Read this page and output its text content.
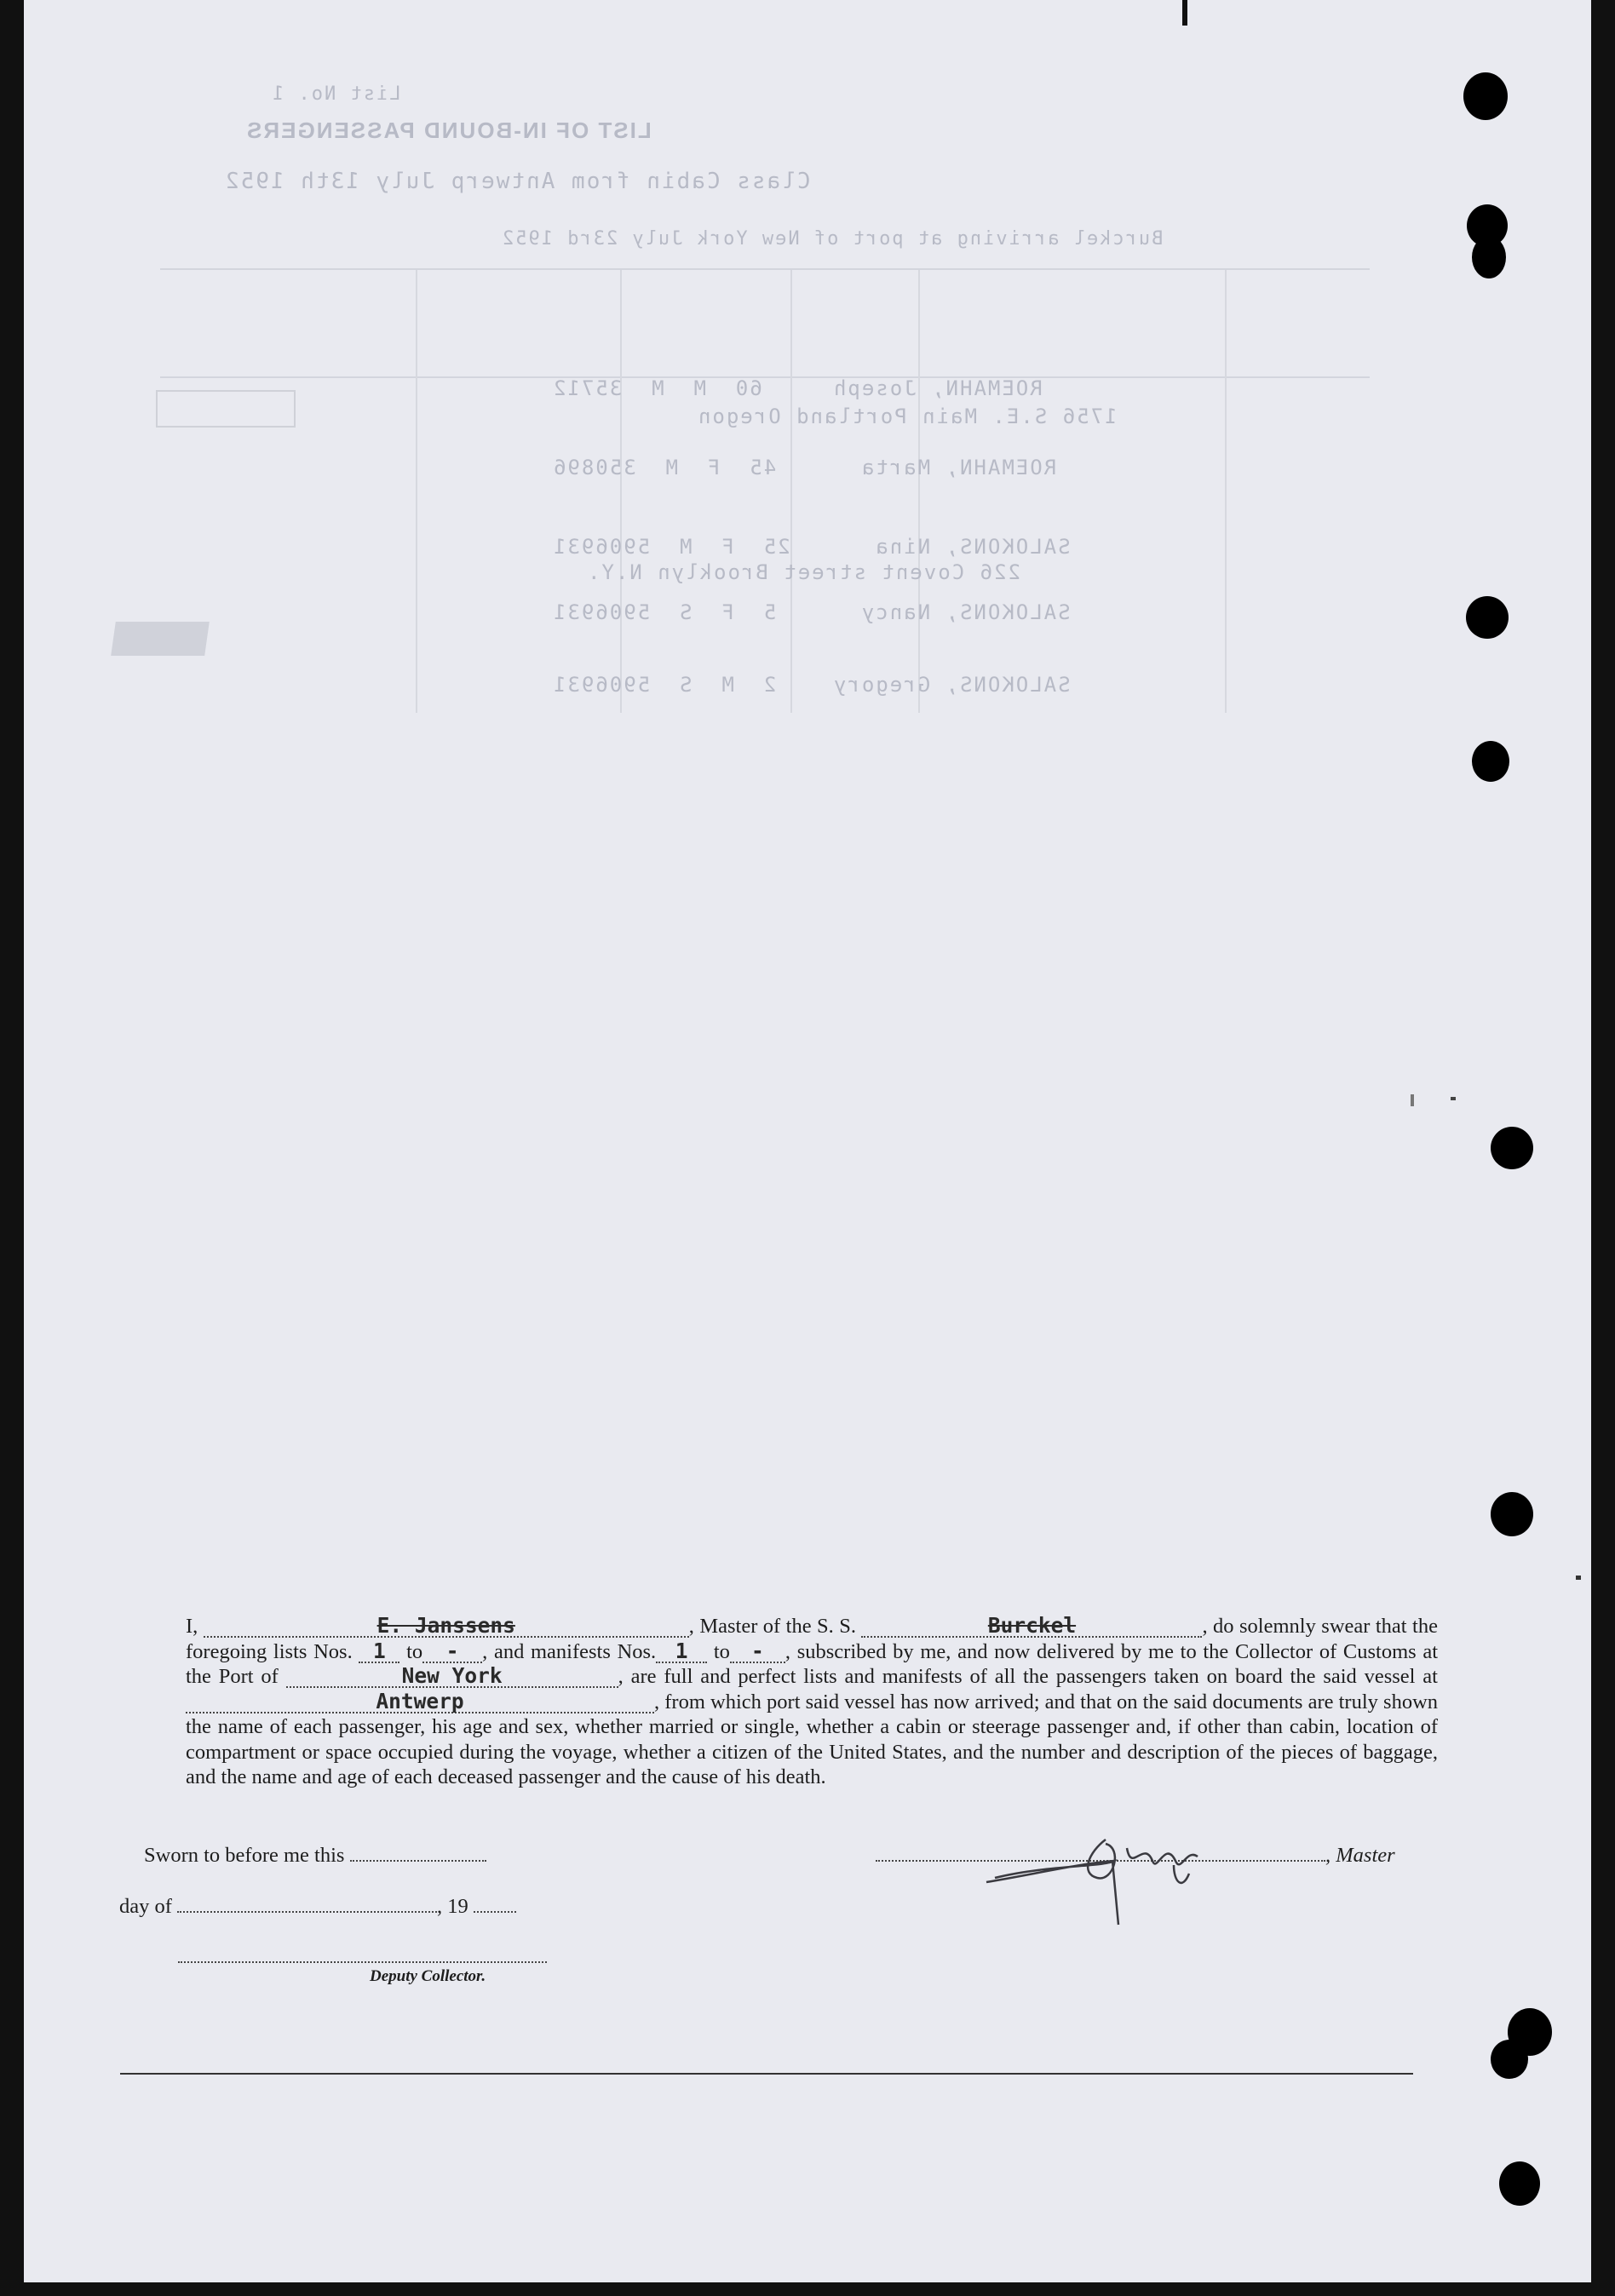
List No. 1
LIST OF IN-BOUND PASSENGERS
Class Cabin from Antwerp July 13th 1952
Burckel arriving at port of New York July 23rd 1952
ROEMAHN, Joseph     60  M  M  35712
1756 S.E. Main Portland Oregon
ROEMAHN, Marta      45  F  M  350896
SALOKONS, Nina      25  F  M  5906931
226 Covent street Brooklyn N.Y.
SALOKONS, Nancy      5  F  S  5906931
SALOKONS, Gregory    2  M  S  5906931
I,	E. Janssens	, Master of the S. S.	Burckel	, do solemnly swear that the foregoing lists Nos. 1 to - , and manifests Nos. 1 to - , subscribed by me, and now delivered by me to the Collector of Customs at the Port of	New York	, are full and perfect lists and manifests of all the passengers taken on board the said vessel at Antwerp	, from which port said vessel has now arrived; and that on the said documents are truly shown the name of each passenger, his age and sex, whether married or single, whether a cabin or steerage passenger and, if other than cabin, location of compartment or space occupied during the voyage, whether a citizen of the United States, and the number and description of the pieces of baggage, and the name and age of each deceased passenger and the cause of his death.
Sworn to before me this	, Master
day of	, 19
Deputy Collector.
